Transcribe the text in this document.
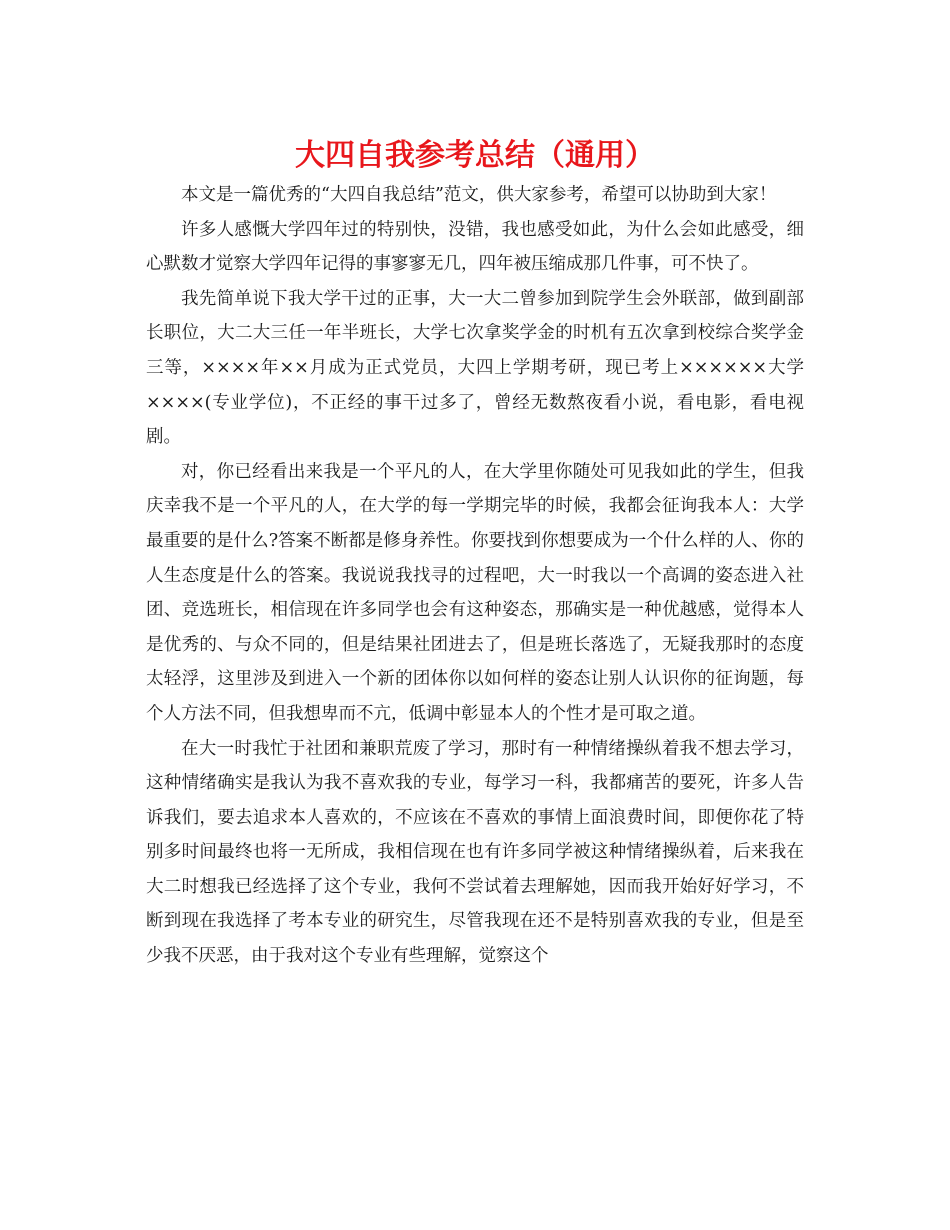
大四自我参考总结（通用）

本文是一篇优秀的“大四自我总结”范文，供大家参考，希望可以协助到大家！

许多人感慨大学四年过的特别快，没错，我也感受如此，为什么会如此感受，细心默数才觉察大学四年记得的事寥寥无几，四年被压缩成那几件事，可不快了。

我先简单说下我大学干过的正事，大一大二曾参加到院学生会外联部，做到副部长职位，大二大三任一年半班长，大学七次拿奖学金的时机有五次拿到校综合奖学金三等，××××年××月成为正式党员，大四上学期考研，现已考上××××××大学××××(专业学位)，不正经的事干过多了，曾经无数熬夜看小说，看电影，看电视剧。

对，你已经看出来我是一个平凡的人，在大学里你随处可见我如此的学生，但我庆幸我不是一个平凡的人，在大学的每一学期完毕的时候，我都会征询我本人：大学最重要的是什么?答案不断都是修身养性。你要找到你想要成为一个什么样的人、你的人生态度是什么的答案。我说说我找寻的过程吧，大一时我以一个高调的姿态进入社团、竞选班长，相信现在许多同学也会有这种姿态，那确实是一种优越感，觉得本人是优秀的、与众不同的，但是结果社团进去了，但是班长落选了，无疑我那时的态度太轻浮，这里涉及到进入一个新的团体你以如何样的姿态让别人认识你的征询题，每个人方法不同，但我想卑而不亢，低调中彰显本人的个性才是可取之道。

在大一时我忙于社团和兼职荒废了学习，那时有一种情绪操纵着我不想去学习，这种情绪确实是我认为我不喜欢我的专业，每学习一科，我都痛苦的要死，许多人告诉我们，要去追求本人喜欢的，不应该在不喜欢的事情上面浪费时间，即便你花了特别多时间最终也将一无所成，我相信现在也有许多同学被这种情绪操纵着，后来我在大二时想我已经选择了这个专业，我何不尝试着去理解她，因而我开始好好学习，不断到现在我选择了考本专业的研究生，尽管我现在还不是特别喜欢我的专业，但是至少我不厌恶，由于我对这个专业有些理解，觉察这个
